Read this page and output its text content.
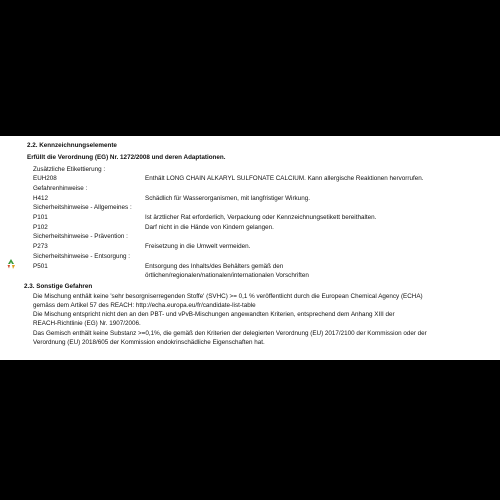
2.2. Kennzeichnungselemente
Erfüllt die Verordnung (EG) Nr. 1272/2008 und deren Adaptationen.
Zusätzliche Etikettierung :
EUH208	Enthält LONG CHAIN ALKARYL SULFONATE CALCIUM. Kann allergische Reaktionen hervorrufen.
Gefahrenhinweise :
H412	Schädlich für Wasserorganismen, mit langfristiger Wirkung.
Sicherheitshinweise - Allgemeines :
P101	Ist ärztlicher Rat erforderlich, Verpackung oder Kennzeichnungsetikett bereithalten.
P102	Darf nicht in die Hände von Kindern gelangen.
Sicherheitshinweise - Prävention :
P273	Freisetzung in die Umwelt vermeiden.
Sicherheitshinweise - Entsorgung :
P501	Entsorgung des Inhalts/des Behälters gemäß den
örtlichen/regionalen/nationalen/internationalen Vorschriften
2.3. Sonstige Gefahren
Die Mischung enthält keine 'sehr besorgniserregenden Stoffe' (SVHC) >= 0,1 % veröffentlicht durch die European Chemical Agency (ECHA)
gemäss dem Artikel 57 des REACH: http://echa.europa.eu/fr/candidate-list-table
Die Mischung entspricht nicht den an den PBT- und vPvB-Mischungen angewandten Kriterien, entsprechend dem Anhang XIII der
REACH-Richtlinie (EG) Nr. 1907/2006.
Das Gemisch enthält keine Substanz >=0,1%, die gemäß den Kriterien der delegierten Verordnung (EU) 2017/2100 der Kommission oder der
Verordnung (EU) 2018/605 der Kommission endokrinschädliche Eigenschaften hat.
